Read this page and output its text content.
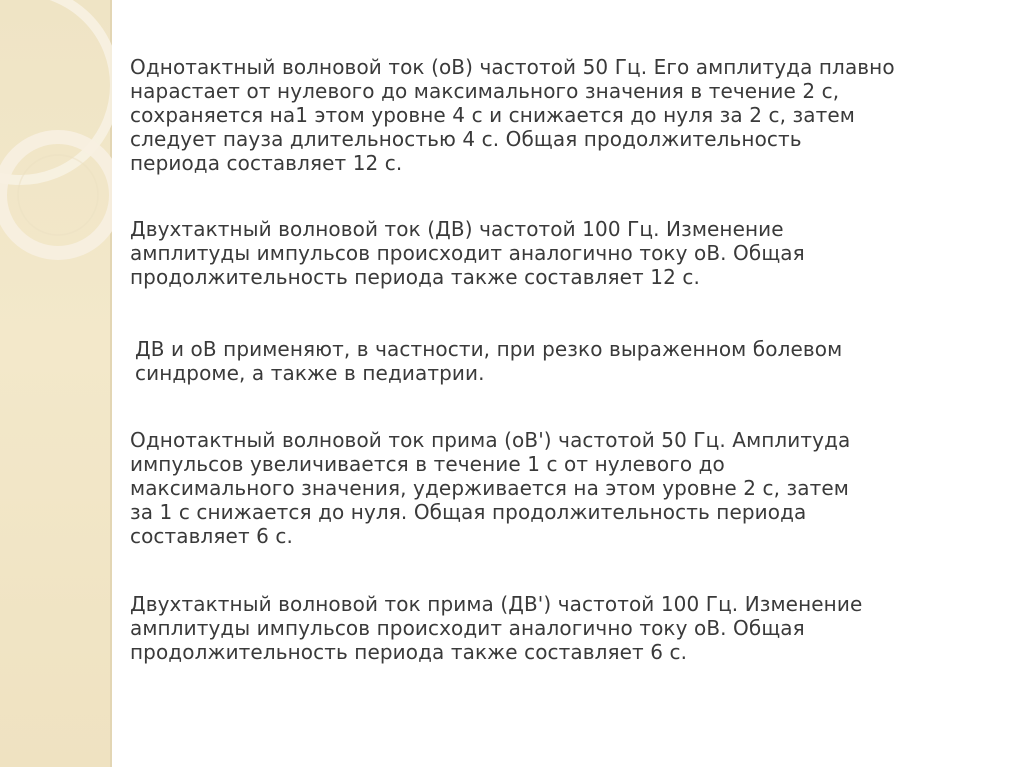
Однотактный волновой ток (оВ) частотой 50 Гц. Его амплитуда плавно
нарастает от нулевого до максимального значения в течение 2 с,
сохраняется на1 этом уровне 4 с и снижается до нуля за 2 с, затем
следует пауза длительностью 4 с. Общая продолжительность
периода составляет 12 с.

Двухтактный волновой ток (ДВ) частотой 100 Гц. Изменение
амплитуды импульсов происходит аналогично току оВ. Общая
продолжительность периода также составляет 12 с.

ДВ и оВ применяют, в частности, при резко выраженном болевом
синдроме, а также в педиатрии.

Однотактный волновой ток прима (оВ') частотой 50 Гц. Амплитуда
импульсов увеличивается в течение 1 с от нулевого до
максимального значения, удерживается на этом уровне 2 с, затем
за 1 с снижается до нуля. Общая продолжительность периода
составляет 6 с.

Двухтактный волновой ток прима (ДВ') частотой 100 Гц. Изменение
амплитуды импульсов происходит аналогично току оВ. Общая
продолжительность периода также составляет 6 с.
